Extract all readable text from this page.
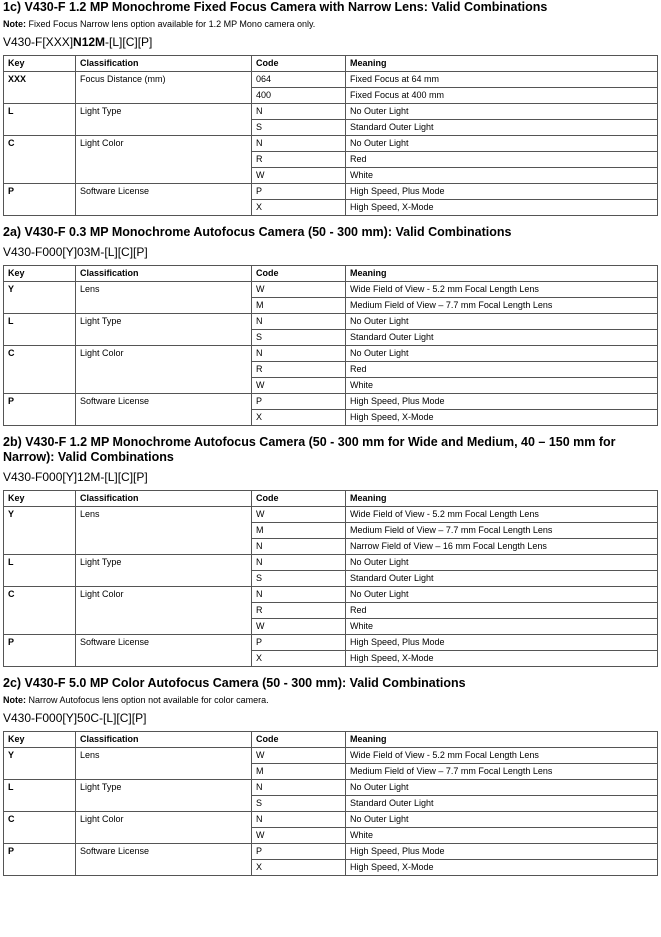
1c) V430-F 1.2 MP Monochrome Fixed Focus Camera with Narrow Lens: Valid Combinations

Note: Fixed Focus Narrow lens option available for 1.2 MP Mono camera only.

V430-F[XXX]N12M-[L][C][P]

Key	Classification	Code	Meaning
XXX	Focus Distance (mm)	064	Fixed Focus at 64 mm
		400	Fixed Focus at 400 mm
L	Light Type	N	No Outer Light
		S	Standard Outer Light
C	Light Color	N	No Outer Light
		R	Red
		W	White
P	Software License	P	High Speed, Plus Mode
		X	High Speed, X-Mode
2a) V430-F 0.3 MP Monochrome Autofocus Camera (50 - 300 mm): Valid Combinations

V430-F000[Y]03M-[L][C][P]

Key	Classification	Code	Meaning
Y	Lens	W	Wide Field of View - 5.2 mm Focal Length Lens
		M	Medium Field of View – 7.7 mm Focal Length Lens
L	Light Type	N	No Outer Light
		S	Standard Outer Light
C	Light Color	N	No Outer Light
		R	Red
		W	White
P	Software License	P	High Speed, Plus Mode
		X	High Speed, X-Mode
2b) V430-F 1.2 MP Monochrome Autofocus Camera (50 - 300 mm for Wide and Medium, 40 – 150 mm for Narrow): Valid Combinations

V430-F000[Y]12M-[L][C][P]

Key	Classification	Code	Meaning
Y	Lens	W	Wide Field of View - 5.2 mm Focal Length Lens
		M	Medium Field of View – 7.7 mm Focal Length Lens
		N	Narrow Field of View – 16 mm Focal Length Lens
L	Light Type	N	No Outer Light
		S	Standard Outer Light
C	Light Color	N	No Outer Light
		R	Red
		W	White
P	Software License	P	High Speed, Plus Mode
		X	High Speed, X-Mode
2c) V430-F 5.0 MP Color Autofocus Camera (50 - 300 mm): Valid Combinations

Note: Narrow Autofocus lens option not available for color camera.

V430-F000[Y]50C-[L][C][P]

Key	Classification	Code	Meaning
Y	Lens	W	Wide Field of View - 5.2 mm Focal Length Lens
		M	Medium Field of View – 7.7 mm Focal Length Lens
L	Light Type	N	No Outer Light
		S	Standard Outer Light
C	Light Color	N	No Outer Light
		W	White
P	Software License	P	High Speed, Plus Mode
		X	High Speed, X-Mode
